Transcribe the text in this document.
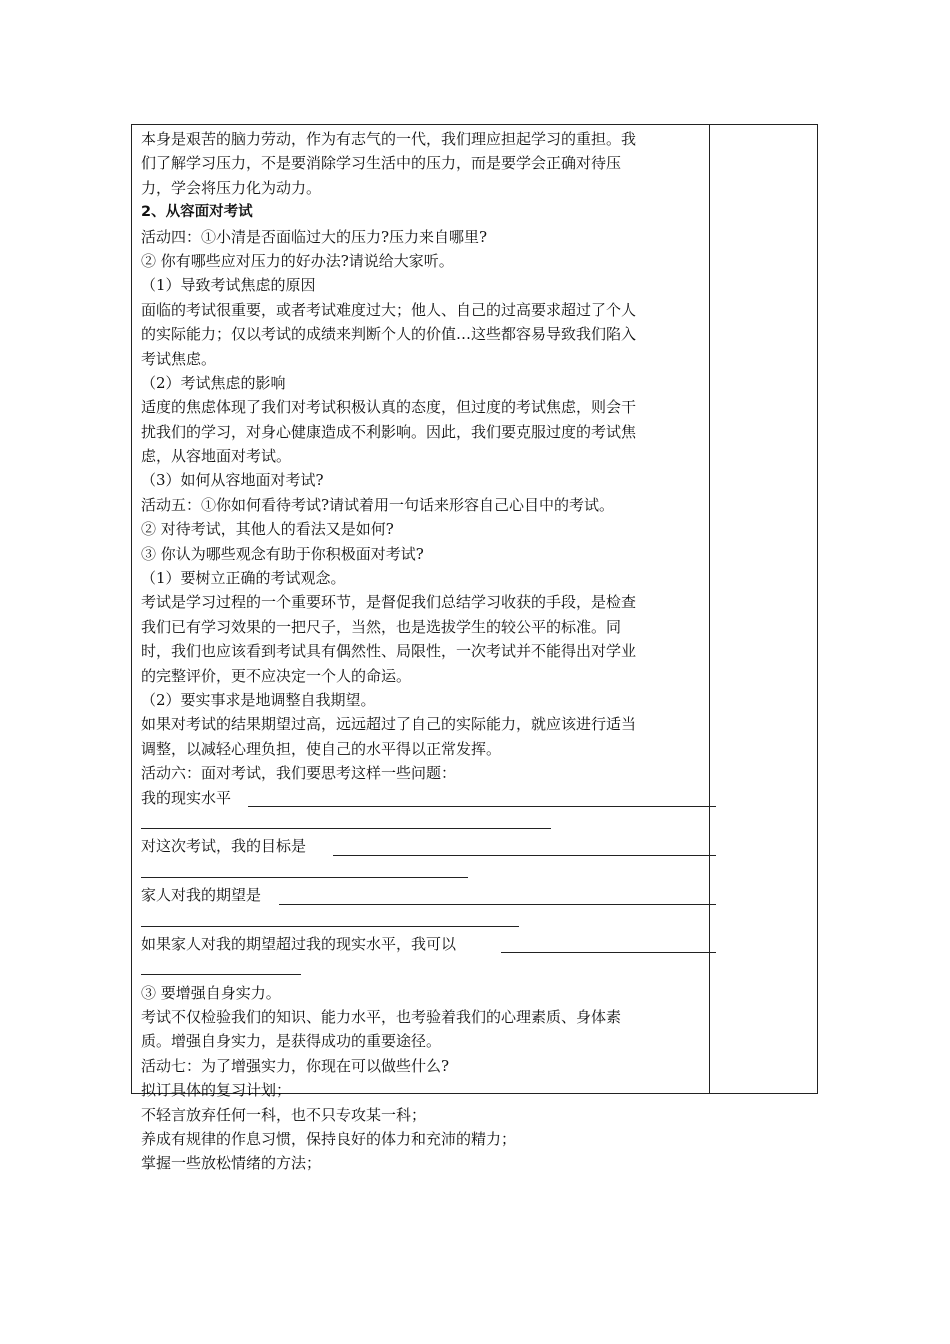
本身是艰苦的脑力劳动，作为有志气的一代，我们理应担起学习的重担。我
们了解学习压力，不是要消除学习生活中的压力，而是要学会正确对待压
力，学会将压力化为动力。
2、从容面对考试
活动四：①小清是否面临过大的压力?压力来自哪里?
② 你有哪些应对压力的好办法?请说给大家听。
（1）导致考试焦虑的原因
面临的考试很重要，或者考试难度过大；他人、自己的过高要求超过了个人
的实际能力；仅以考试的成绩来判断个人的价值…这些都容易导致我们陷入
考试焦虑。
（2）考试焦虑的影响
适度的焦虑体现了我们对考试积极认真的态度，但过度的考试焦虑，则会干
扰我们的学习，对身心健康造成不利影响。因此，我们要克服过度的考试焦
虑，从容地面对考试。
（3）如何从容地面对考试?
活动五：①你如何看待考试?请试着用一句话来形容自己心目中的考试。
② 对待考试，其他人的看法又是如何?
③ 你认为哪些观念有助于你积极面对考试?
（1）要树立正确的考试观念。
考试是学习过程的一个重要环节，是督促我们总结学习收获的手段，是检查
我们已有学习效果的一把尺子，当然，也是选拔学生的较公平的标准。同
时，我们也应该看到考试具有偶然性、局限性，一次考试并不能得出对学业
的完整评价，更不应决定一个人的命运。
（2）要实事求是地调整自我期望。
如果对考试的结果期望过高，远远超过了自己的实际能力，就应该进行适当
调整，以减轻心理负担，使自己的水平得以正常发挥。
活动六：面对考试，我们要思考这样一些问题：
我的现实水平
对这次考试，我的目标是
家人对我的期望是
如果家人对我的期望超过我的现实水平，我可以
③ 要增强自身实力。
考试不仅检验我们的知识、能力水平，也考验着我们的心理素质、身体素
质。增强自身实力，是获得成功的重要途径。
活动七：为了增强实力，你现在可以做些什么?
拟订具体的复习计划；
不轻言放弃任何一科，也不只专攻某一科；
养成有规律的作息习惯，保持良好的体力和充沛的精力；
掌握一些放松情绪的方法；
